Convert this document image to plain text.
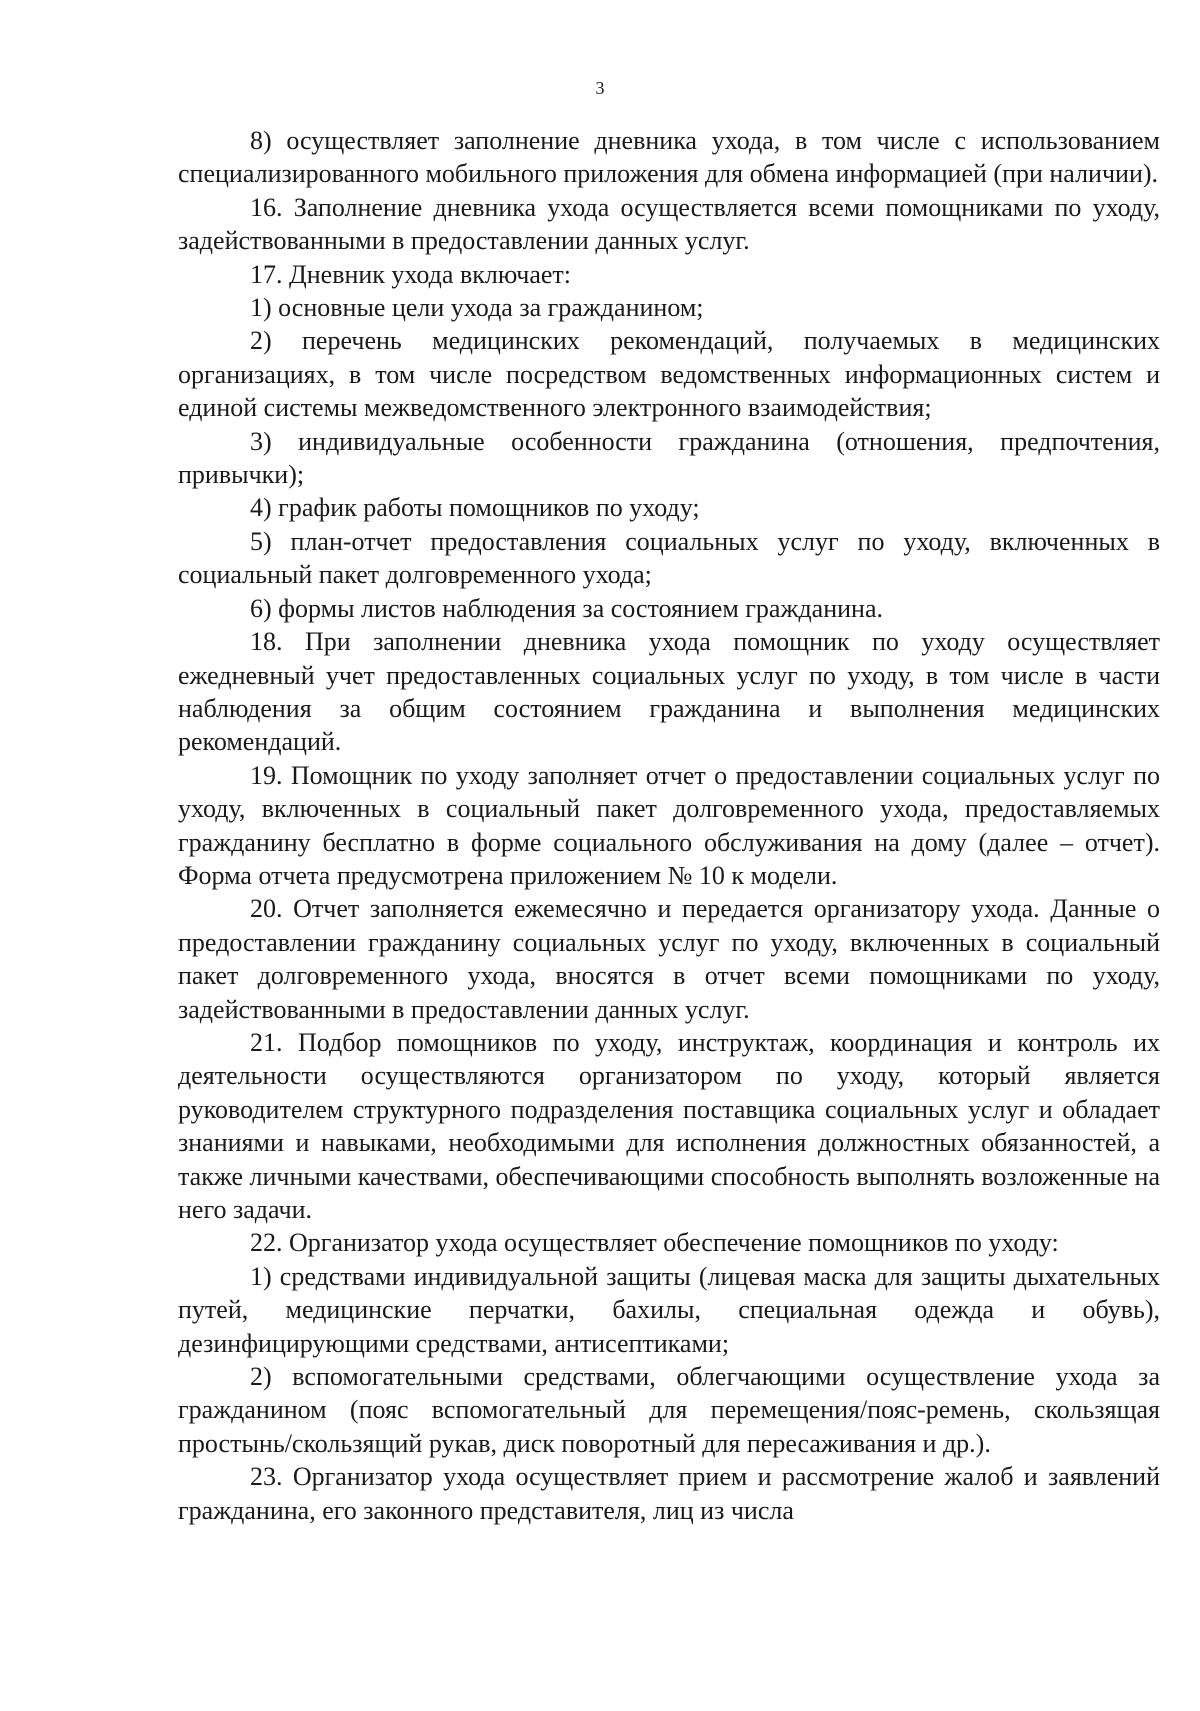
3

8) осуществляет заполнение дневника ухода, в том числе с использованием специализированного мобильного приложения для обмена информацией (при наличии).

16. Заполнение дневника ухода осуществляется всеми помощниками по уходу, задействованными в предоставлении данных услуг.

17. Дневник ухода включает:

1) основные цели ухода за гражданином;

2) перечень медицинских рекомендаций, получаемых в медицинских организациях, в том числе посредством ведомственных информационных систем и единой системы межведомственного электронного взаимодействия;

3) индивидуальные особенности гражданина (отношения, предпочтения, привычки);

4) график работы помощников по уходу;

5) план-отчет предоставления социальных услуг по уходу, включенных в социальный пакет долговременного ухода;

6) формы листов наблюдения за состоянием гражданина.

18. При заполнении дневника ухода помощник по уходу осуществляет ежедневный учет предоставленных социальных услуг по уходу, в том числе в части наблюдения за общим состоянием гражданина и выполнения медицинских рекомендаций.

19. Помощник по уходу заполняет отчет о предоставлении социальных услуг по уходу, включенных в социальный пакет долговременного ухода, предоставляемых гражданину бесплатно в форме социального обслуживания на дому (далее – отчет). Форма отчета предусмотрена приложением № 10 к модели.

20. Отчет заполняется ежемесячно и передается организатору ухода. Данные о предоставлении гражданину социальных услуг по уходу, включенных в социальный пакет долговременного ухода, вносятся в отчет всеми помощниками по уходу, задействованными в предоставлении данных услуг.

21. Подбор помощников по уходу, инструктаж, координация и контроль их деятельности осуществляются организатором по уходу, который является руководителем структурного подразделения поставщика социальных услуг и обладает знаниями и навыками, необходимыми для исполнения должностных обязанностей, а также личными качествами, обеспечивающими способность выполнять возложенные на него задачи.

22. Организатор ухода осуществляет обеспечение помощников по уходу:

1) средствами индивидуальной защиты (лицевая маска для защиты дыхательных путей, медицинские перчатки, бахилы, специальная одежда и обувь), дезинфицирующими средствами, антисептиками;

2) вспомогательными средствами, облегчающими осуществление ухода за гражданином (пояс вспомогательный для перемещения/пояс-ремень, скользящая простынь/скользящий рукав, диск поворотный для пересаживания и др.).

23. Организатор ухода осуществляет прием и рассмотрение жалоб и заявлений гражданина, его законного представителя, лиц из числа
